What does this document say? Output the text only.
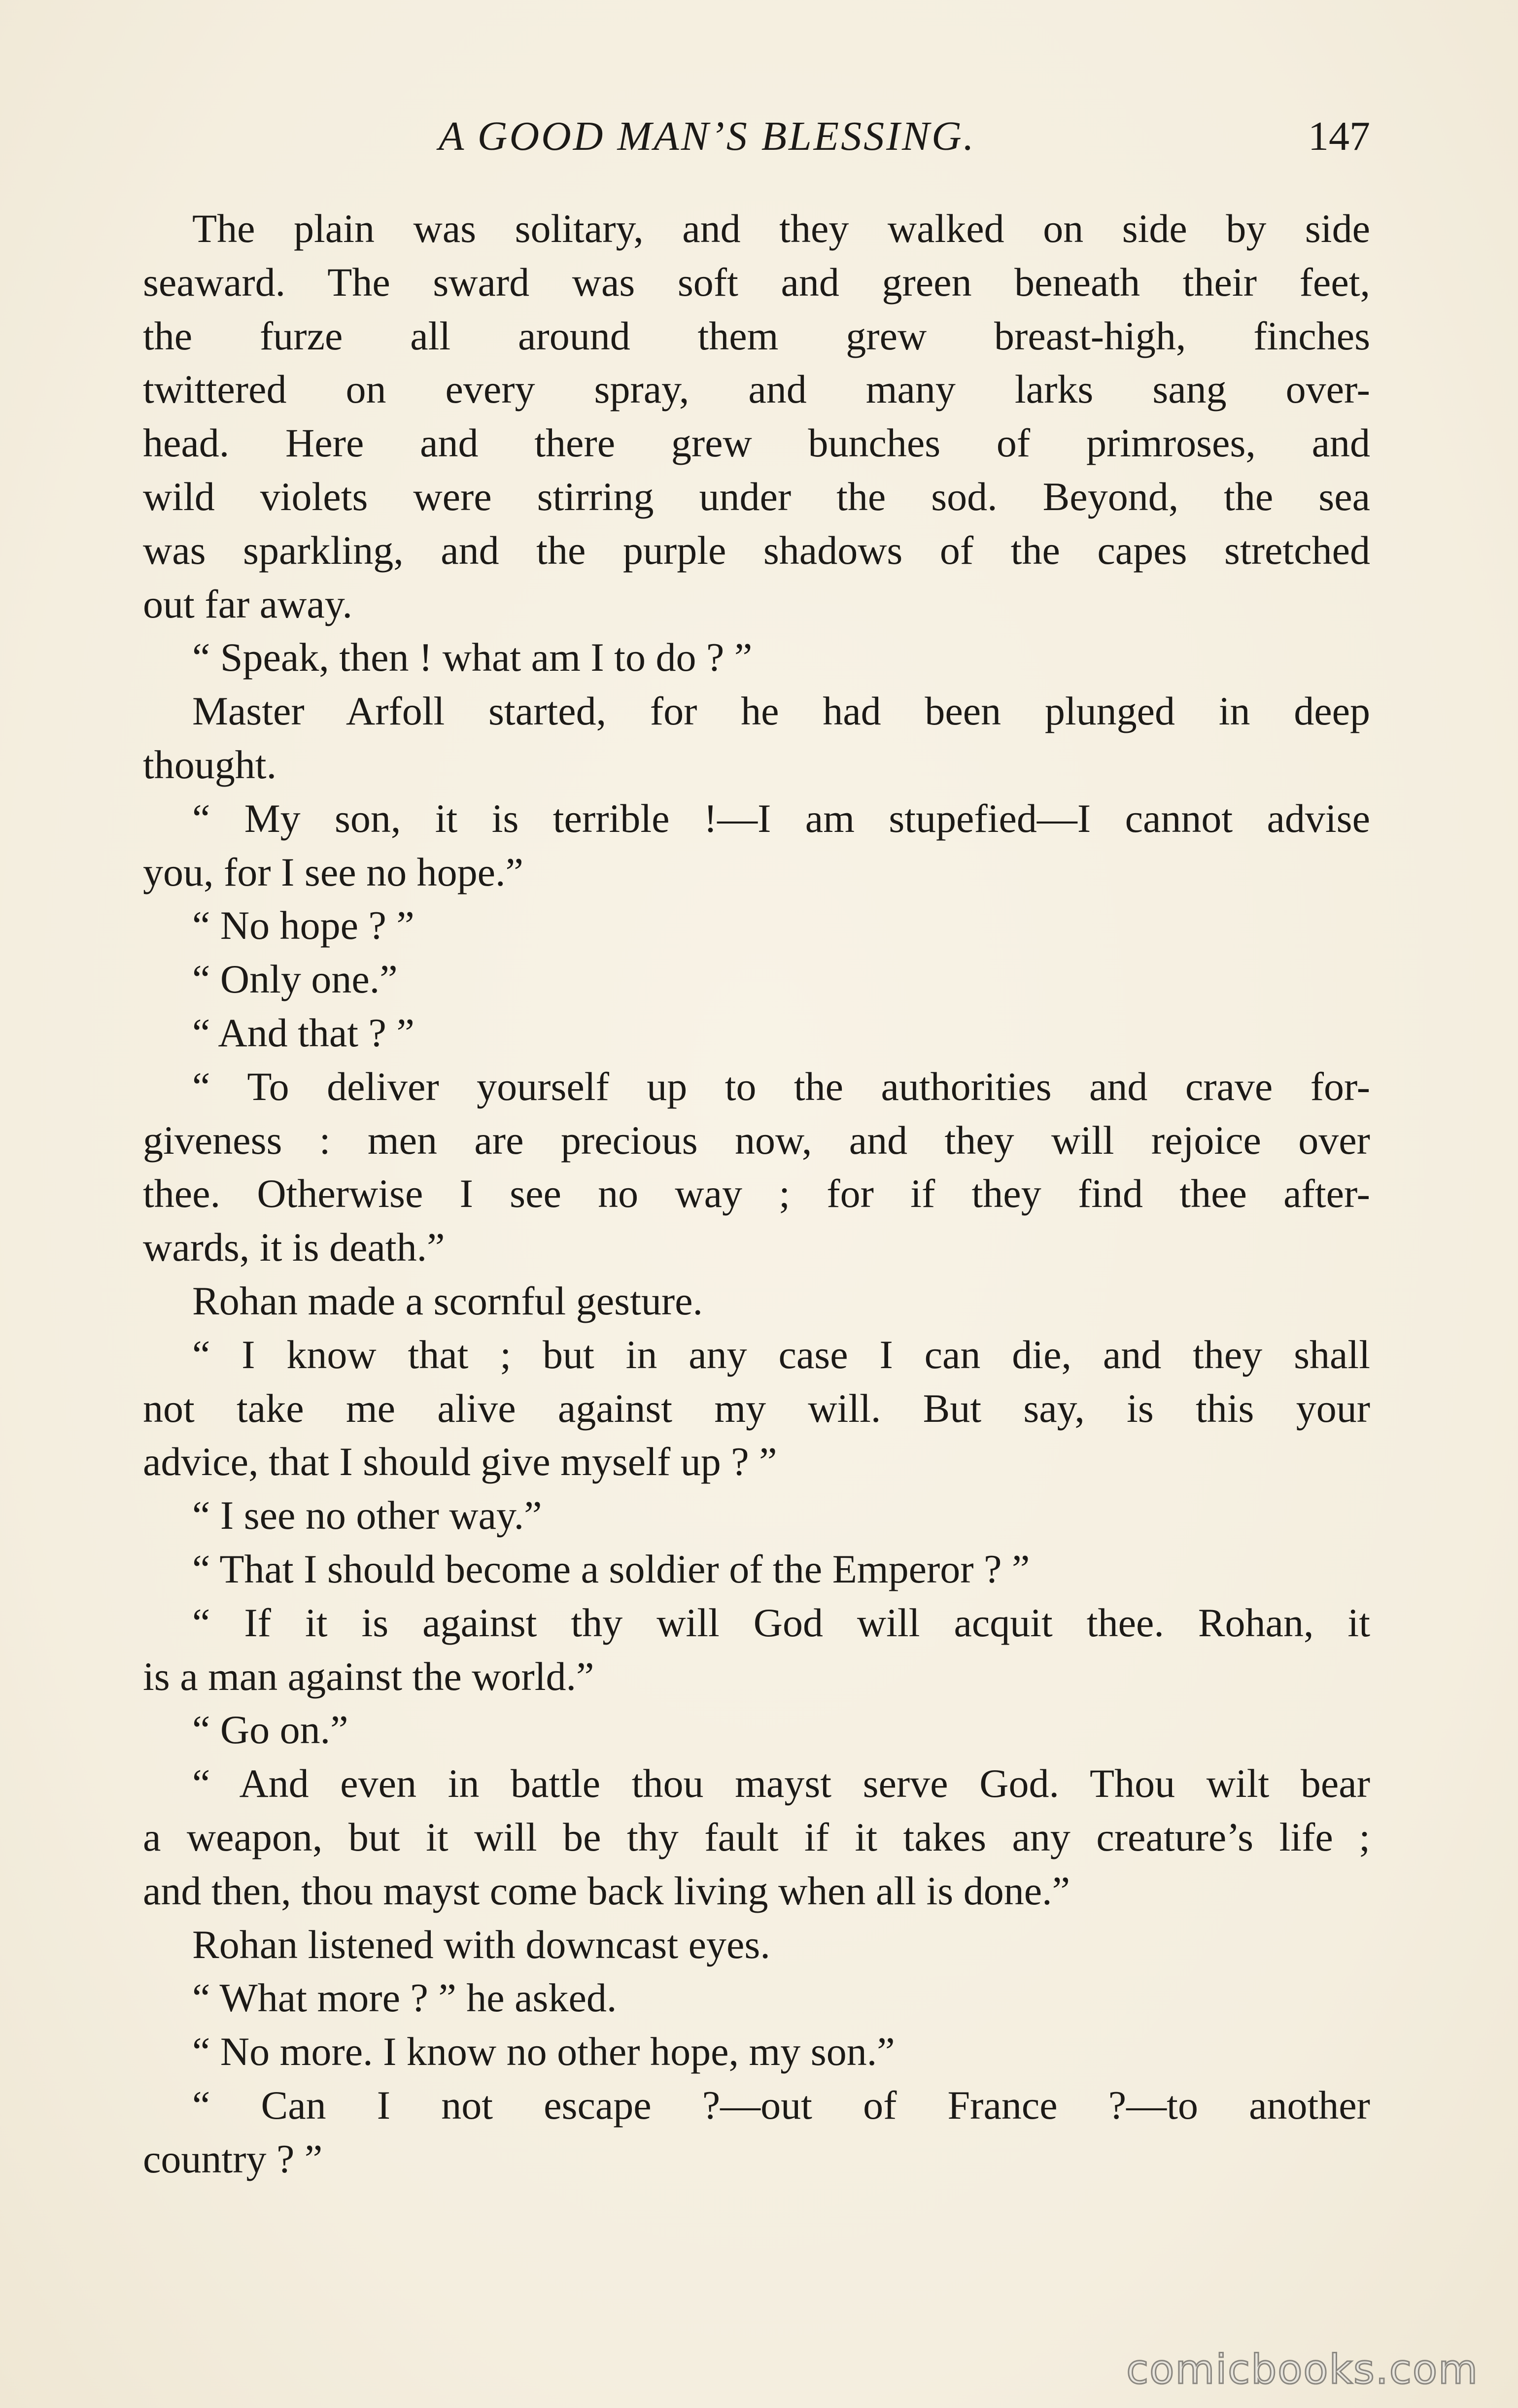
A GOOD MAN’S BLESSING.	147
The plain was solitary, and they walked on side by side
seaward. The sward was soft and green beneath their feet,
the furze all around them grew breast-high, finches
twittered on every spray, and many larks sang over-
head. Here and there grew bunches of primroses, and
wild violets were stirring under the sod. Beyond, the sea
was sparkling, and the purple shadows of the capes stretched
out far away.
“ Speak, then ! what am I to do ? ”
Master Arfoll started, for he had been plunged in deep
thought.
“ My son, it is terrible !—I am stupefied—I cannot advise
you, for I see no hope.”
“ No hope ? ”
“ Only one.”
“ And that ? ”
“ To deliver yourself up to the authorities and crave for-
giveness : men are precious now, and they will rejoice over
thee. Otherwise I see no way ; for if they find thee after-
wards, it is death.”
Rohan made a scornful gesture.
“ I know that ; but in any case I can die, and they shall
not take me alive against my will. But say, is this your
advice, that I should give myself up ? ”
“ I see no other way.”
“ That I should become a soldier of the Emperor ? ”
“ If it is against thy will God will acquit thee. Rohan, it
is a man against the world.”
“ Go on.”
“ And even in battle thou mayst serve God. Thou wilt bear
a weapon, but it will be thy fault if it takes any creature’s life ;
and then, thou mayst come back living when all is done.”
Rohan listened with downcast eyes.
“ What more ? ” he asked.
“ No more. I know no other hope, my son.”
“ Can I not escape ?—out of France ?—to another
country ? ”
comicbooks.com
